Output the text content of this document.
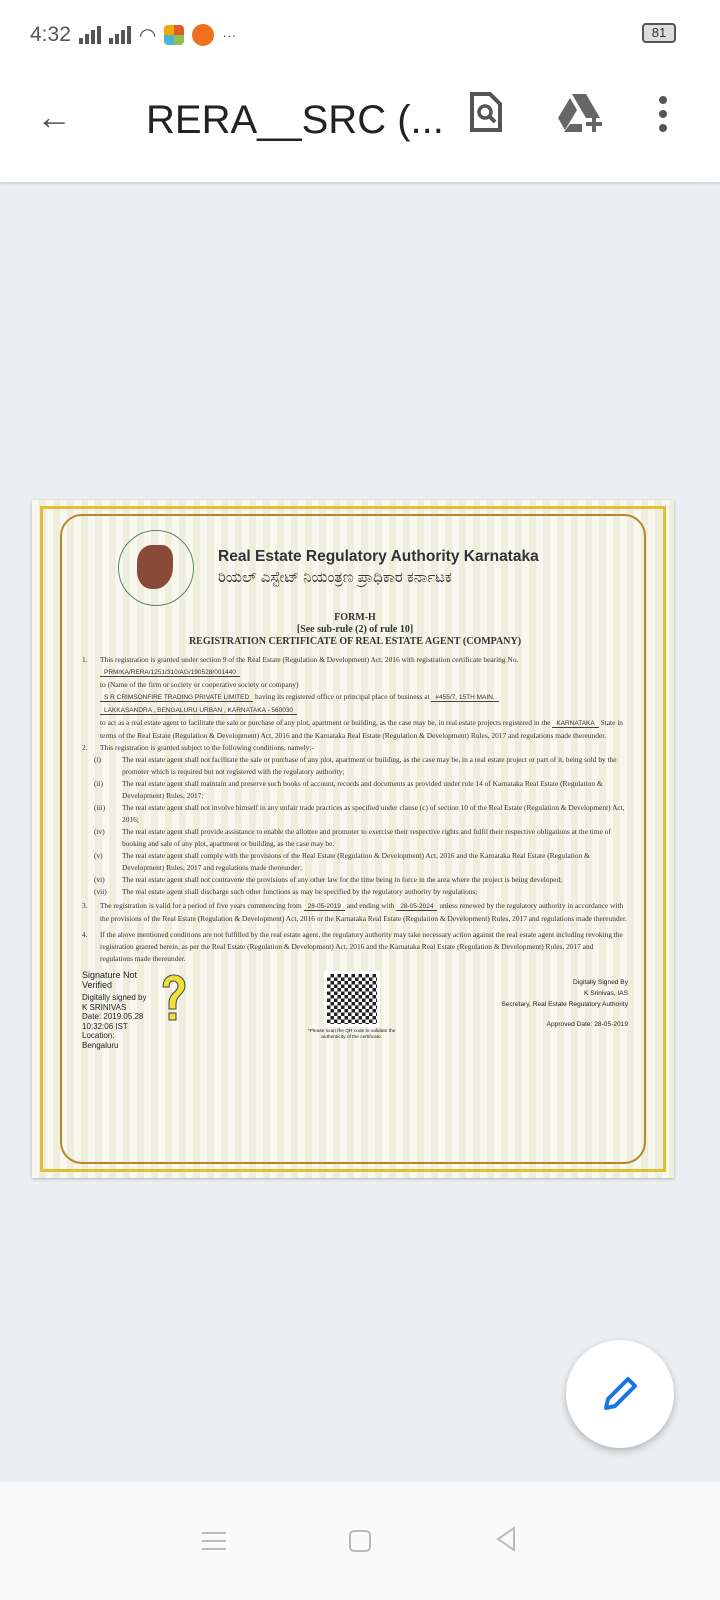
4:32	◠	···	81
← RERA__SRC (...
Real Estate Regulatory Authority Karnataka
ರಿಯಲ್ ಎಸ್ಟೇಟ್ ನಿಯಂತ್ರಣ ಪ್ರಾಧಿಕಾರ ಕರ್ನಾಟಕ
FORM-H
[See sub-rule (2) of rule 10]
REGISTRATION CERTIFICATE OF REAL ESTATE AGENT (COMPANY)

1. This registration is granted under section 9 of the Real Estate (Regulation & Development) Act, 2016 with registration certificate bearing No. PRM/KA/RERA/1251/310/AG/190528/001440
to (Name of the firm or society or cooperative society or company)
S R CRIMSONFIRE TRADING PRIVATE LIMITED having its registered office or principal place of business at #455/7, 15TH MAIN,
LAKKASANDRA , BENGALURU URBAN , KARNATAKA - 560030
to act as a real estate agent to facilitate the sale or purchase of any plot, apartment or building, as the case may be, in real estate projects registered in the KARNATAKA State in terms of the Real Estate (Regulation & Development) Act, 2016 and the Karnataka Real Estate (Regulation & Development) Rules, 2017 and regulations made thereunder.

2. This registration is granted subject to the following conditions, namely:-

(i)	The real estate agent shall not facilitate the sale or purchase of any plot, apartment or building, as the case may be, in a real estate project or part of it, being sold by the promoter which is required but not registered with the regulatory authority;

(ii)	The real estate agent shall maintain and preserve such books of account, records and documents as provided under rule 14 of Karnataka Real Estate (Regulation & Development) Rules, 2017;

(iii) The real estate agent shall not involve himself in any unfair trade practices as specified under clause (c) of section 10 of the Real Estate (Regulation & Development) Act, 2016;

(iv) The real estate agent shall provide assistance to enable the allottee and promoter to exercise their respective rights and fulfil their respective obligations at the time of booking and sale of any plot, apartment or building, as the case may be.

(v)	The real estate agent shall comply with the provisions of the Real Estate (Regulation & Development) Act, 2016 and the Karnataka Real Estate (Regulation & Development) Rules, 2017 and regulations made thereunder;

(vi) The real estate agent shall not contravene the provisions of any other law for the time being in force in the area where the project is being developed;

(vii) The real estate agent shall discharge such other functions as may be specified by the regulatory authority by regulations;

3. The registration is valid for a period of five years commencing from 28-05-2019 and ending with 28-05-2024 unless renewed by the regulatory authority in accordance with the provisions of the Real Estate (Regulation & Development) Act, 2016 or the Karnataka Real Estate (Regulation & Development) Rules, 2017 and regulations made thereunder.

4. If the above mentioned conditions are not fulfilled by the real estate agent, the regulatory authority may take necessary action against the real estate agent including revoking the registration granted herein, as per the Real Estate (Regulation & Development) Act, 2016 and the Karnataka Real Estate (Regulation & Development) Rules, 2017 and regulations made thereunder.

Signature Not Verified
Digitally signed by
K SRINIVAS
Date: 2019.05.28
10:32:06 IST
Location:
Bengaluru
*Please scan the QR code to validate the authenticity of the certificate.
Digitally Signed By
K Srinivas, IAS
Secretary, Real Estate Regulatory Authority
Approved Date: 28-05-2019
